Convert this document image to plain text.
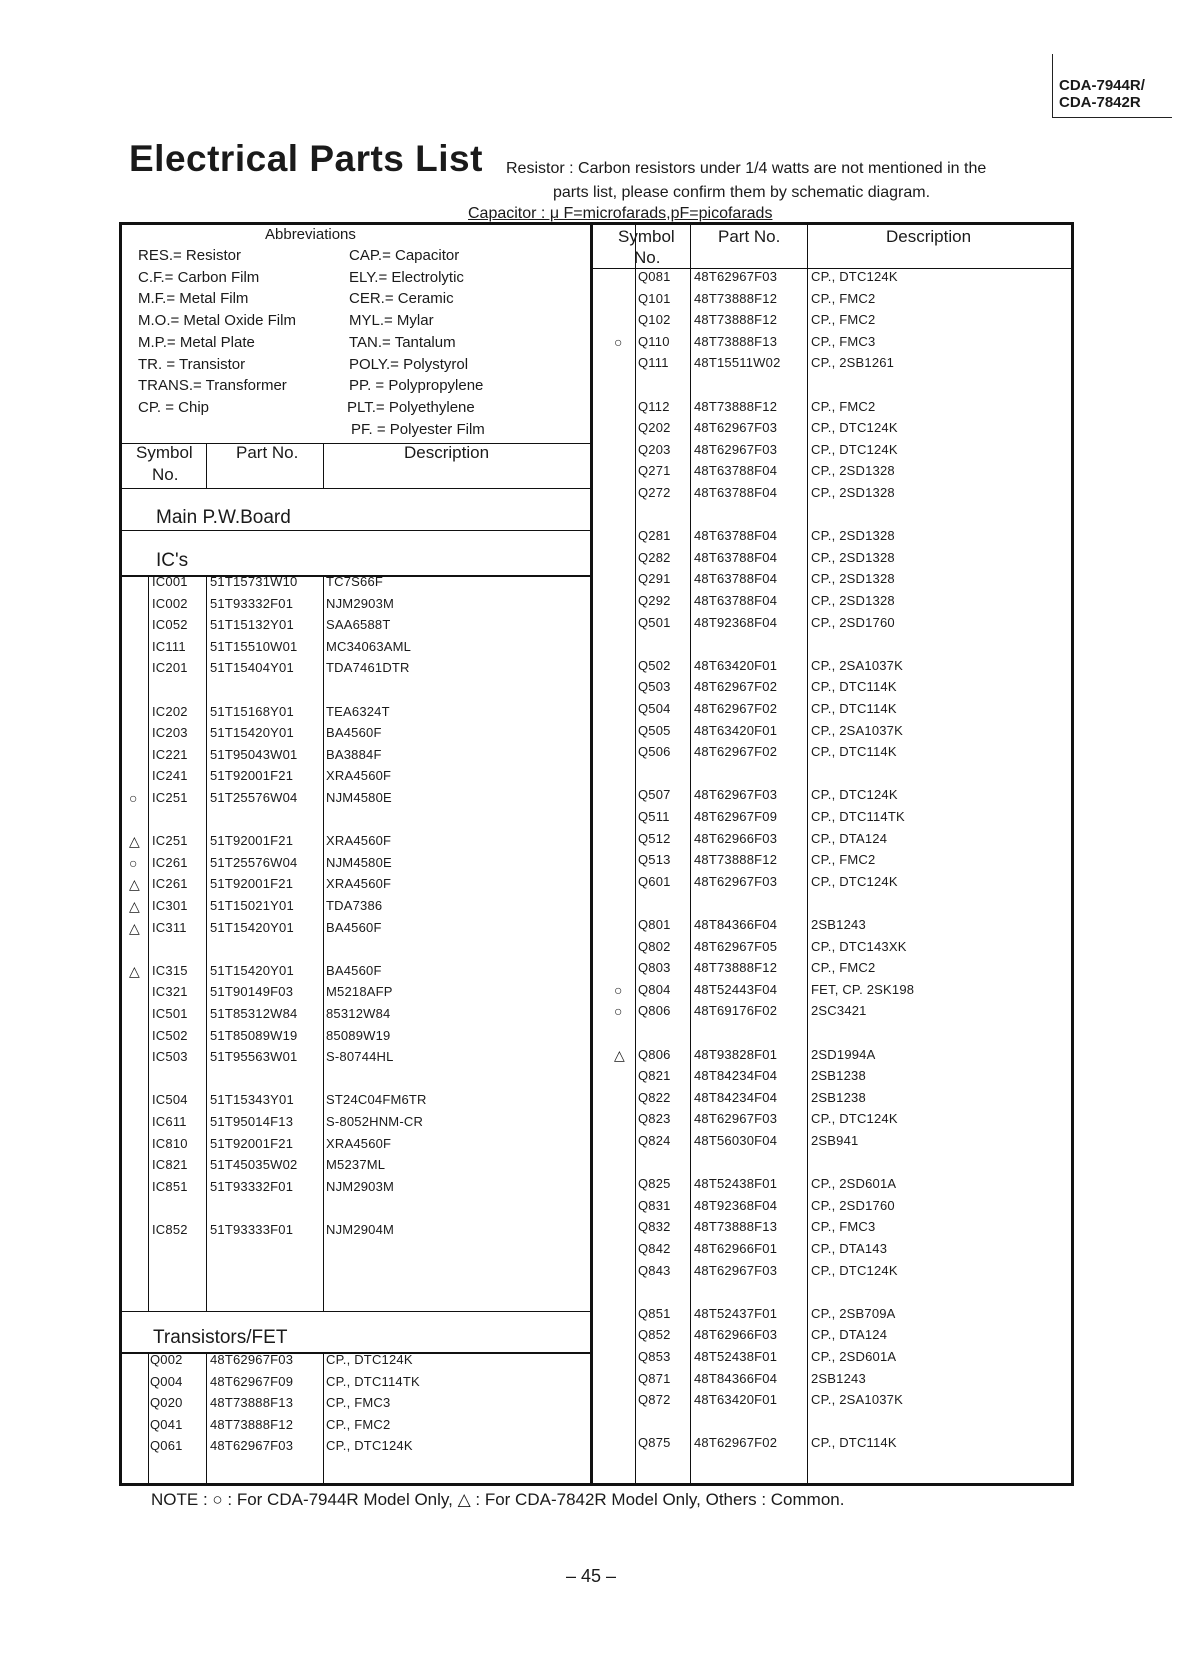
CDA-7944R/
CDA-7842R
Electrical Parts List Resistor : Carbon resistors under 1/4 watts are not mentioned in the
parts list, please confirm them by schematic diagram.
Capacitor : μ F=microfarads,pF=picofarads
Abbreviations
RES.= Resistor
C.F.= Carbon Film
M.F.= Metal Film
M.O.= Metal Oxide Film
M.P.= Metal Plate
TR. = Transistor
TRANS.= Transformer
CP. = Chip
CAP.= Capacitor
ELY.= Electrolytic
CER.= Ceramic
MYL.= Mylar
TAN.= Tantalum
POLY.= Polystyrol
PP. = Polypropylene
PLT.= Polyethylene
PF. = Polyester Film
Symbol
No.
Part No.	Description
Main P.W.Board
IC's
Transistors/FET
IC001 51T15731W10 TC7S66F
IC002 51T93332F01	NJM2903M
IC052 51T15132Y01 SAA6588T
IC111 51T15510W01 MC34063AML
IC201 51T15404Y01 TDA7461DTR
IC202 51T15168Y01 TEA6324T
IC203 51T15420Y01 BA4560F
IC221 51T95043W01 BA3884F
IC241 51T92001F21	XRA4560F
○ IC251 51T25576W04 NJM4580E
△ IC251 51T92001F21	XRA4560F
○ IC261 51T25576W04 NJM4580E
△ IC261 51T92001F21	XRA4560F
△ IC301 51T15021Y01 TDA7386
△ IC311 51T15420Y01 BA4560F
△ IC315 51T15420Y01 BA4560F
IC321 51T90149F03	M5218AFP
IC501 51T85312W84 85312W84
IC502 51T85089W19 85089W19
IC503 51T95563W01 S-80744HL
IC504 51T15343Y01 ST24C04FM6TR
IC611 51T95014F13	S-8052HNM-CR
IC810 51T92001F21	XRA4560F
IC821 51T45035W02 M5237ML
IC851 51T93332F01	NJM2903M
IC852 51T93333F01	NJM2904M
Q002 48T62967F03	CP., DTC124K
Q004 48T62967F09	CP., DTC114TK
Q020 48T73888F13	CP., FMC3
Q041 48T73888F12	CP., FMC2
Q061 48T62967F03	CP., DTC124K
Symbol
No.
Part No.	Description
Q081 48T62967F03	CP., DTC124K
Q101 48T73888F12	CP., FMC2
Q102 48T73888F12	CP., FMC2
○ Q110 48T73888F13	CP., FMC3
Q111 48T15511W02 CP., 2SB1261
Q112 48T73888F12	CP., FMC2
Q202 48T62967F03	CP., DTC124K
Q203 48T62967F03	CP., DTC124K
Q271 48T63788F04	CP., 2SD1328
Q272 48T63788F04	CP., 2SD1328
Q281 48T63788F04	CP., 2SD1328
Q282 48T63788F04	CP., 2SD1328
Q291 48T63788F04	CP., 2SD1328
Q292 48T63788F04	CP., 2SD1328
Q501 48T92368F04	CP., 2SD1760
Q502 48T63420F01	CP., 2SA1037K
Q503 48T62967F02	CP., DTC114K
Q504 48T62967F02	CP., DTC114K
Q505 48T63420F01	CP., 2SA1037K
Q506 48T62967F02	CP., DTC114K
Q507 48T62967F03	CP., DTC124K
Q511 48T62967F09	CP., DTC114TK
Q512 48T62966F03	CP., DTA124
Q513 48T73888F12	CP., FMC2
Q601 48T62967F03	CP., DTC124K
Q801 48T84366F04	2SB1243
Q802 48T62967F05	CP., DTC143XK
Q803 48T73888F12	CP., FMC2
○ Q804 48T52443F04	FET, CP. 2SK198
○ Q806 48T69176F02	2SC3421
△ Q806 48T93828F01	2SD1994A
Q821 48T84234F04	2SB1238
Q822 48T84234F04	2SB1238
Q823 48T62967F03	CP., DTC124K
Q824 48T56030F04	2SB941
Q825 48T52438F01	CP., 2SD601A
Q831 48T92368F04	CP., 2SD1760
Q832 48T73888F13	CP., FMC3
Q842 48T62966F01	CP., DTA143
Q843 48T62967F03	CP., DTC124K
Q851 48T52437F01	CP., 2SB709A
Q852 48T62966F03	CP., DTA124
Q853 48T52438F01	CP., 2SD601A
Q871 48T84366F04	2SB1243
Q872 48T63420F01	CP., 2SA1037K
Q875 48T62967F02	CP., DTC114K
NOTE : ○ : For CDA-7944R Model Only, △ : For CDA-7842R Model Only, Others : Common.
– 45 –
